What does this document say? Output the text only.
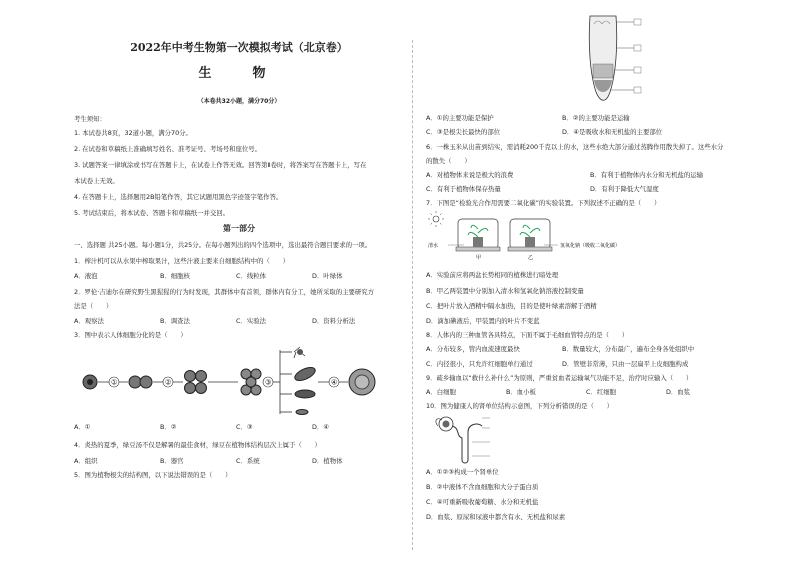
2022年中考生物第一次模拟考试（北京卷）
生　物
（本卷共32小题，满分70分）
考生须知：
1. 本试卷共8页，32道小题，满分70分。
2. 在试卷和草稿纸上准确填写姓名、准考证号、考场号和座位号。
3. 试题答案一律填涂或书写在答题卡上，在试卷上作答无效。回答第Ⅱ卷时，将答案写在答题卡上，写在
本试卷上无效。
4. 在答题卡上，选择题用2B铅笔作答，其它试题用黑色字迹签字笔作答。
5. 考试结束后，将本试卷、答题卡和草稿纸一并交回。
第一部分
一、选择题 共25小题。每小题1分，共25分。在每小题列出的四个选项中，选出最符合题目要求的一项。
1．榨汁机可以从水果中榨取果汁，这些汁液主要来自细胞结构中的（　　）
A．液泡	B．细胞核	C．线粒体	D．叶绿体
2．罗伦·吉迪尔在研究野生黑猩猩的行为时发现，其群体中有首领，群体内有分工，她所采取的主要研究方
法是（　　）
A．观察法	B．调查法	C．实验法	D．资料分析法
3．图中表示人体细胞分化的是（　　）
①	②	③	④
A．①	B．②	C．③	D．④
4．炎热的夏季，绿豆汤不仅是解暑的最佳食材，绿豆在植物体结构层次上属于（　　）
A．组织	B．器官	C．系统	D．植物体
5．图为植物根尖的结构图，以下说法错误的是（　　）
A．①的主要功能是保护	B．②的主要功能是运输
C．③是根尖长最快的部位	D．④是吸收水和无机盐的主要部位
6．一株玉米从出苗到结实，需消耗200千克以上的水，这些水绝大部分通过蒸腾作用散失掉了。这些水分
的散失（　　）
A．对植物体来说是极大的浪费	B．有利于植物体内水分和无机盐的运输
C．有利于植物体保存热量	D．有利于降低大气湿度
7．下图是“检验光合作用需要二氧化碳”的实验装置。下列叙述不正确的是（　　）
清水	氢氧化钠（吸收二氧化碳）
甲	乙
A．实验前应将两盆长势相同的植株进行暗处理
B．甲乙两装置中分别加入清水和氢氧化钠溶液控制变量
C．把叶片放入酒精中隔水加热，目的是使叶绿素溶解于酒精
D．滴加碘液后，甲装置内的叶片不变蓝
8．人体内的三种血管各具特点，下面不属于毛细血管特点的是（　　）
A．分布较多，管内血流速度最快	B．数量较大，分布最广，遍布全身各处组织中
C．内径很小，只允许红细胞单行通过	D．管壁非常薄，只由一层扁平上皮细胞构成
9．疏乡输血以“救什么补什么”为原则，严重贫血者运输氧气功能不足，治疗时应输入（　　）
A．白细胞	B．血小板	C．红细胞	D．血浆
10．图为健康人的肾单位结构示意图，下列分析错误的是（　　）
A．①②③构成一个肾单位
B．②中液体不含血细胞和大分子蛋白质
C．④可重新吸收葡萄糖、水分和无机盐
D．血浆、原尿和尿液中都含有水、无机盐和尿素
